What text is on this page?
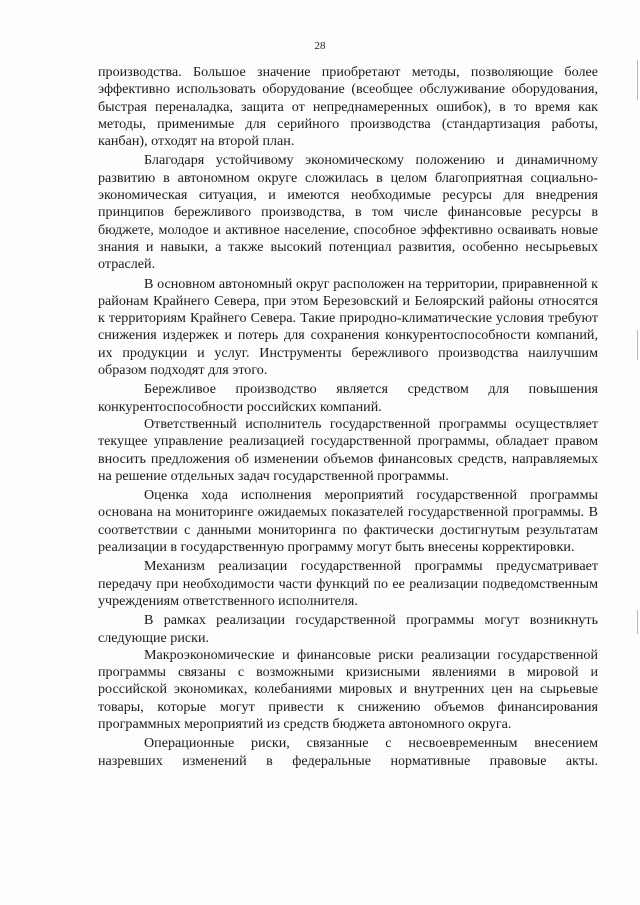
28

производства. Большое значение приобретают методы, позволяющие более эффективно использовать оборудование (всеобщее обслуживание оборудования, быстрая переналадка, защита от непреднамеренных ошибок), в то время как методы, применимые для серийного производства (стандартизация работы, канбан), отходят на второй план.

Благодаря устойчивому экономическому положению и динамичному развитию в автономном округе сложилась в целом благоприятная социально-экономическая ситуация, и имеются необходимые ресурсы для внедрения принципов бережливого производства, в том числе финансовые ресурсы в бюджете, молодое и активное население, способное эффективно осваивать новые знания и навыки, а также высокий потенциал развития, особенно несырьевых отраслей.

В основном автономный округ расположен на территории, приравненной к районам Крайнего Севера, при этом Березовский и Белоярский районы относятся к территориям Крайнего Севера. Такие природно-климатические условия требуют снижения издержек и потерь для сохранения конкурентоспособности компаний, их продукции и услуг. Инструменты бережливого производства наилучшим образом подходят для этого.

Бережливое производство является средством для повышения конкурентоспособности российских компаний.

Ответственный исполнитель государственной программы осуществляет текущее управление реализацией государственной программы, обладает правом вносить предложения об изменении объемов финансовых средств, направляемых на решение отдельных задач государственной программы.

Оценка хода исполнения мероприятий государственной программы основана на мониторинге ожидаемых показателей государственной программы. В соответствии с данными мониторинга по фактически достигнутым результатам реализации в государственную программу могут быть внесены корректировки.

Механизм реализации государственной программы предусматривает передачу при необходимости части функций по ее реализации подведомственным учреждениям ответственного исполнителя.

В рамках реализации государственной программы могут возникнуть следующие риски.

Макроэкономические и финансовые риски реализации государственной программы связаны с возможными кризисными явлениями в мировой и российской экономиках, колебаниями мировых и внутренних цен на сырьевые товары, которые могут привести к снижению объемов финансирования программных мероприятий из средств бюджета автономного округа.

Операционные риски, связанные с несвоевременным внесением назревших изменений в федеральные нормативные правовые акты.
